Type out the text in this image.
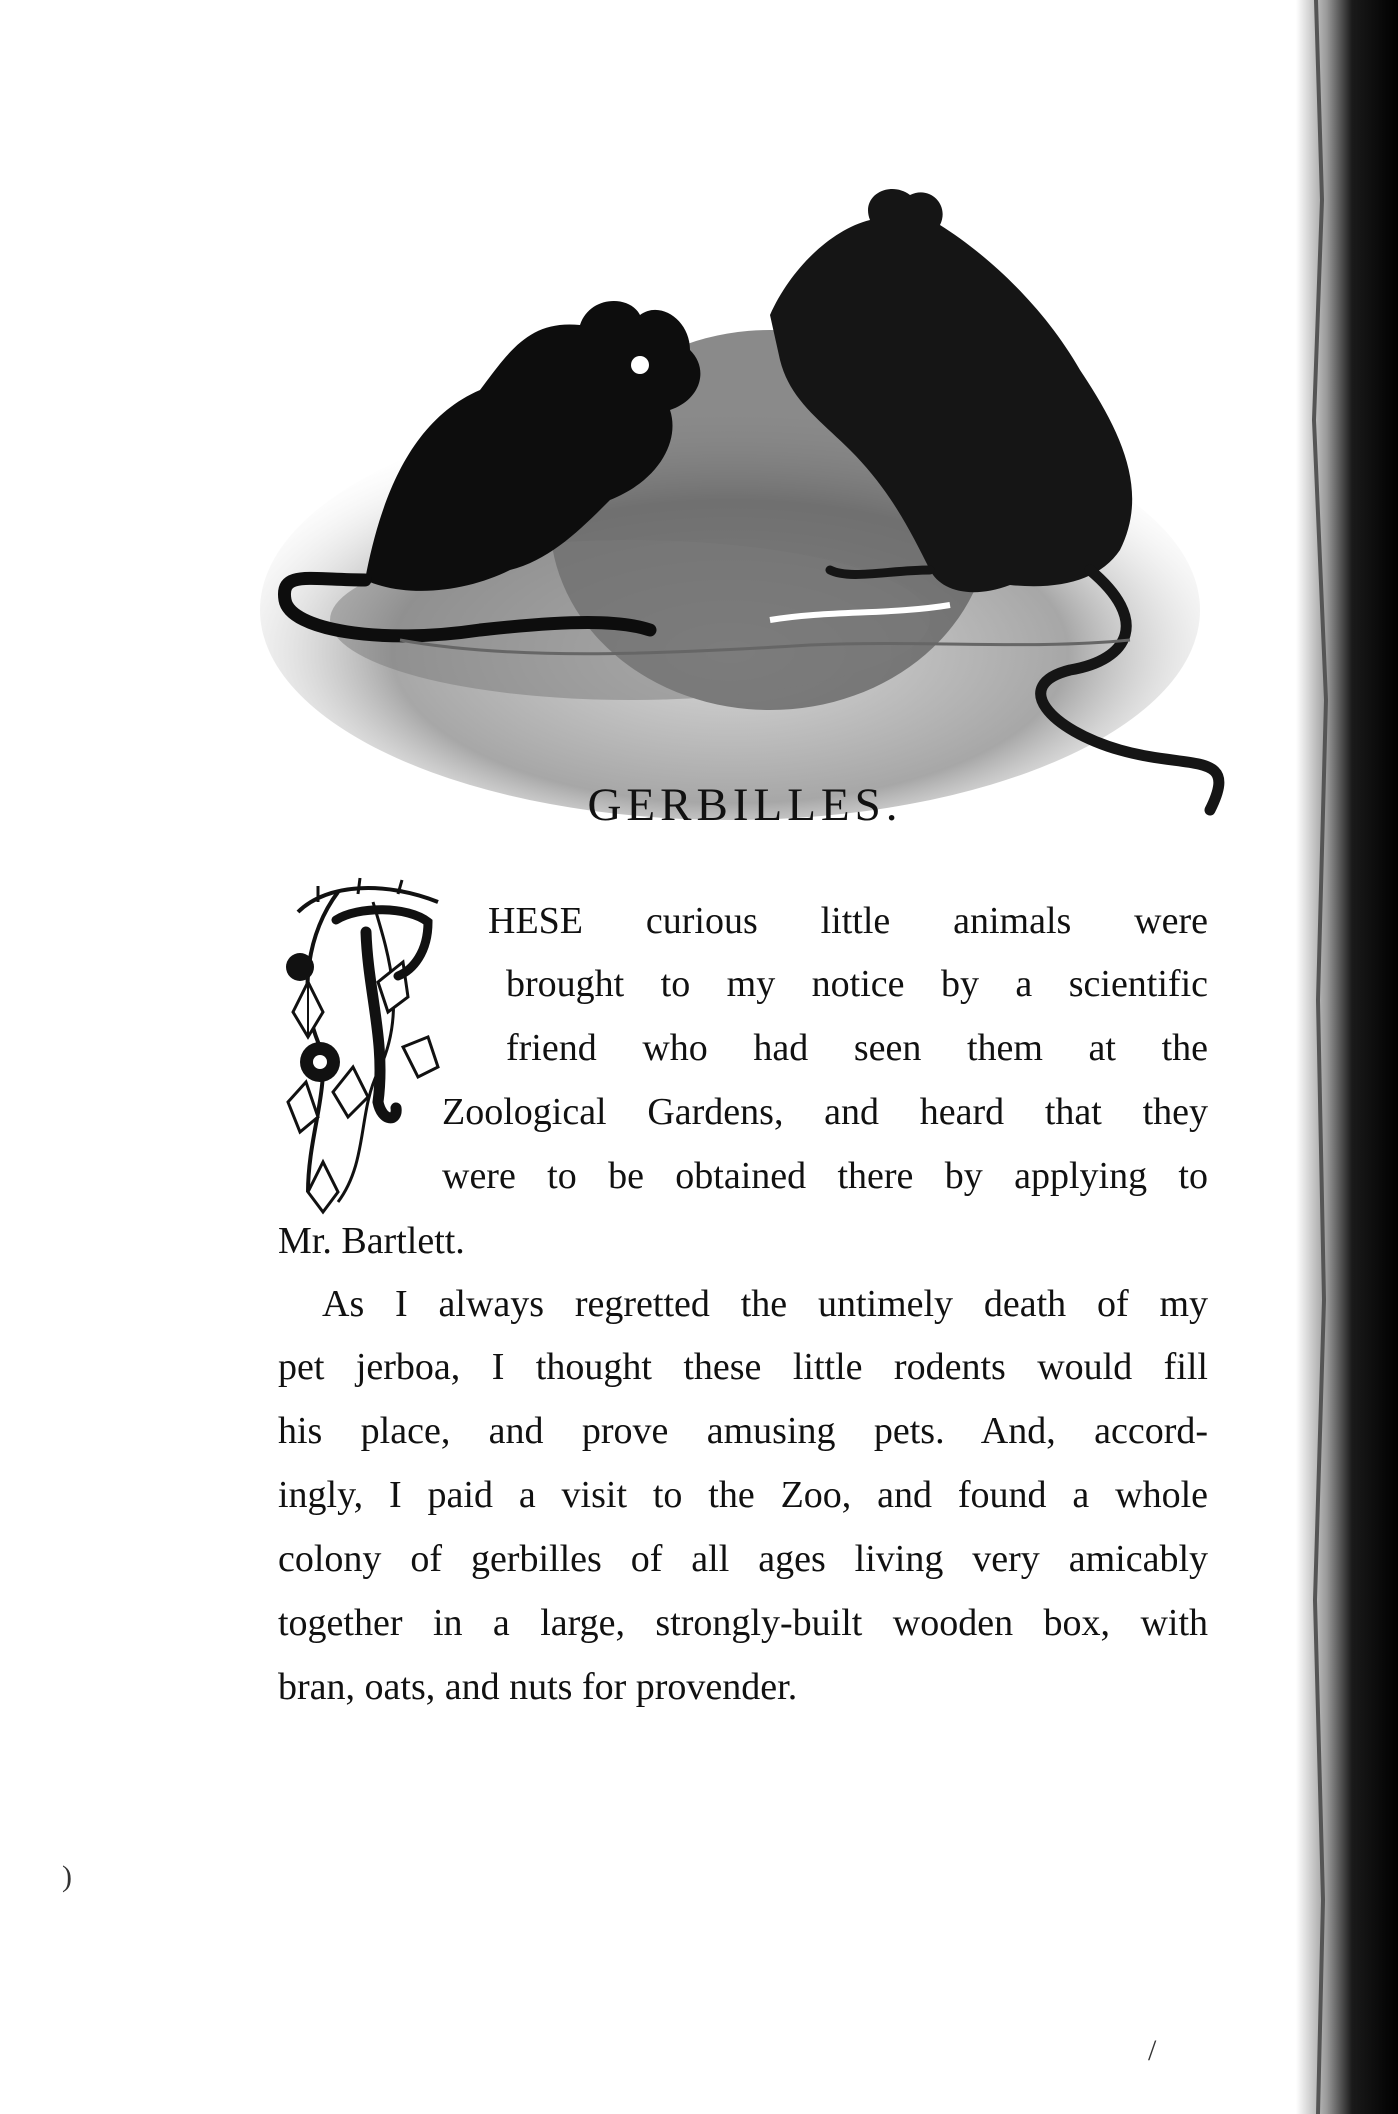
GERBILLES.
HESE curious little animals were
brought to my notice by a scientific
friend who had seen them at the
Zoological Gardens, and heard that they
were to be obtained there by applying to
Mr. Bartlett.
As I always regretted the untimely death of my
pet jerboa, I thought these little rodents would fill
his place, and prove amusing pets. And, accord-
ingly, I paid a visit to the Zoo, and found a whole
colony of gerbilles of all ages living very amicably
together in a large, strongly-built wooden box, with
bran, oats, and nuts for provender.
)
/
